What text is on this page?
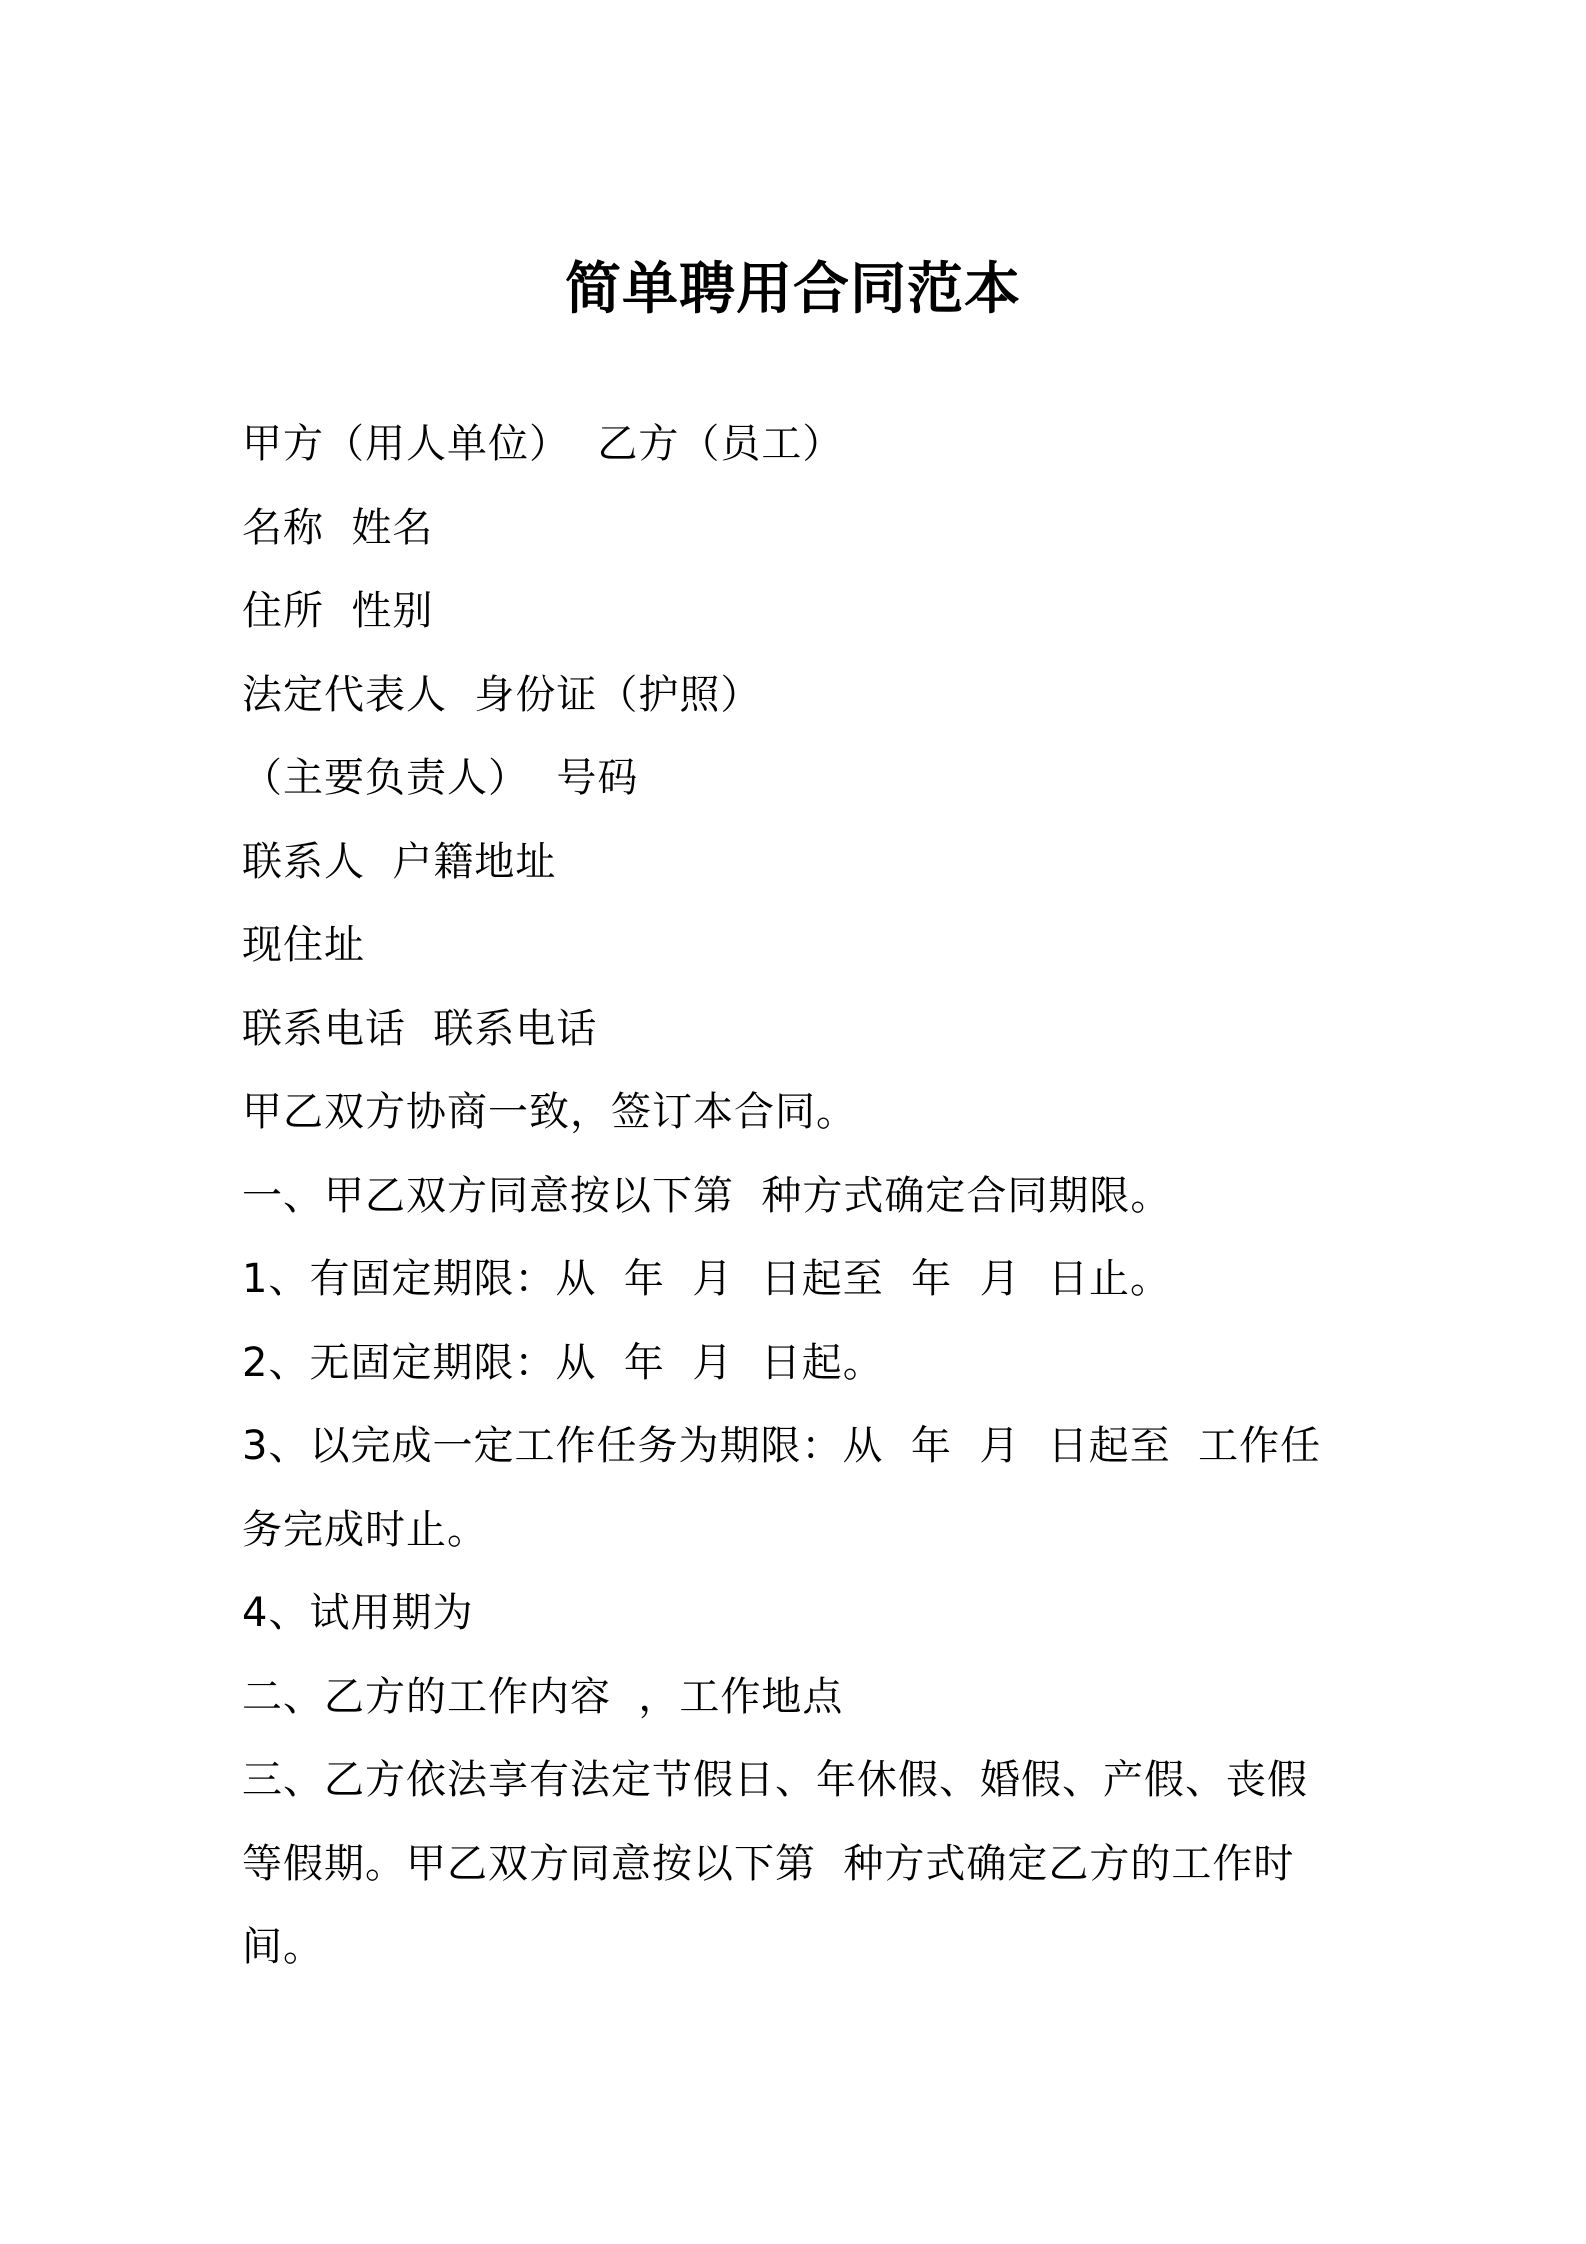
简单聘用合同范本
甲方（用人单位）  乙方（员工）
名称  姓名
住所  性别
法定代表人  身份证（护照）
（主要负责人）  号码
联系人  户籍地址
现住址
联系电话  联系电话
甲乙双方协商一致，签订本合同。
一、甲乙双方同意按以下第  种方式确定合同期限。
1、有固定期限：从  年  月  日起至  年  月  日止。
2、无固定期限：从  年  月  日起。
3、以完成一定工作任务为期限：从  年  月  日起至  工作任
务完成时止。
4、试用期为
二、乙方的工作内容  ，工作地点
三、乙方依法享有法定节假日、年休假、婚假、产假、丧假
等假期。甲乙双方同意按以下第  种方式确定乙方的工作时
间。
